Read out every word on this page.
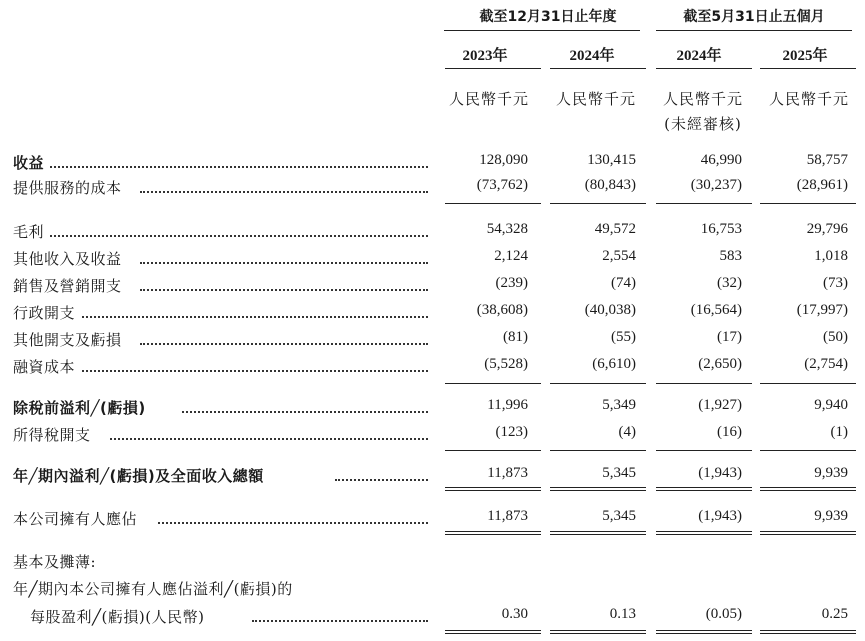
截至12月31日止年度	截至5月31日止五個月
2023年	2024年	2024年	2025年
人民幣千元	人民幣千元	人民幣千元	人民幣千元
(未經審核)
收益	128,090	130,415	46,990	58,757
提供服務的成本	(73,762)	(80,843)	(30,237)	(28,961)
毛利	54,328	49,572	16,753	29,796
其他收入及收益	2,124	2,554	583	1,018
銷售及營銷開支	(239)	(74)	(32)	(73)
行政開支	(38,608)	(40,038)	(16,564)	(17,997)
其他開支及虧損	(81)	(55)	(17)	(50)
融資成本	(5,528)	(6,610)	(2,650)	(2,754)
除稅前溢利╱(虧損)	11,996	5,349	(1,927)	9,940
所得稅開支	(123)	(4)	(16)	(1)
年╱期內溢利╱(虧損)及全面收入總額	11,873	5,345	(1,943)	9,939
本公司擁有人應佔	11,873	5,345	(1,943)	9,939
基本及攤薄:
年╱期內本公司擁有人應佔溢利╱(虧損)的
每股盈利╱(虧損)(人民幣)	0.30	0.13	(0.05)	0.25
